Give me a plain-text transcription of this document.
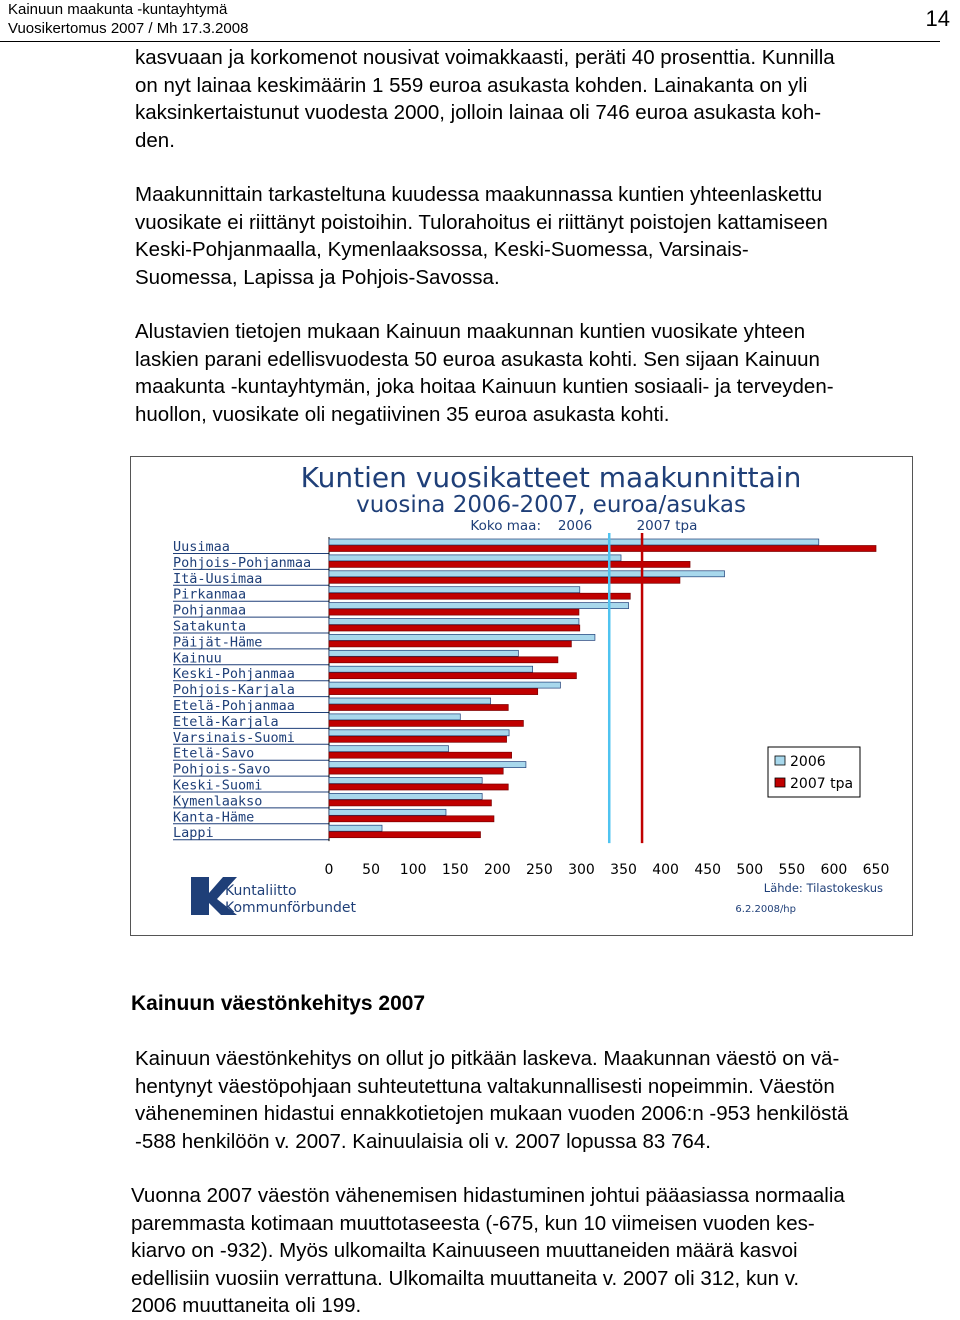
Kainuun maakunta -kuntayhtymä
Vuosikertomus 2007 / Mh 17.3.2008	14
kasvuaan ja korkomenot nousivat voimakkaasti, peräti 40 prosenttia. Kunnilla
on nyt lainaa keskimäärin 1 559 euroa asukasta kohden. Lainakanta on yli
kaksinkertaistunut vuodesta 2000, jolloin lainaa oli 746 euroa asukasta koh-
den.
Maakunnittain tarkasteltuna kuudessa maakunnassa kuntien yhteenlaskettu
vuosikate ei riittänyt poistoihin. Tulorahoitus ei riittänyt poistojen kattamiseen
Keski-Pohjanmaalla, Kymenlaaksossa, Keski-Suomessa, Varsinais-
Suomessa, Lapissa ja Pohjois-Savossa.
Alustavien tietojen mukaan Kainuun maakunnan kuntien vuosikate yhteen
laskien parani edellisvuodesta 50 euroa asukasta kohti. Sen sijaan Kainuun
maakunta -kuntayhtymän, joka hoitaa Kainuun kuntien sosiaali- ja terveyden-
huollon, vuosikate oli negatiivinen 35 euroa asukasta kohti.
Kuntien vuosikatteet maakunnittain
vuosina 2006-2007, euroa/asukas
Koko maa: 2006	2007 tpa
Uusimaa
Pohjois-Pohjanmaa
Itä-Uusimaa
Pirkanmaa
Pohjanmaa
Satakunta
Päijät-Häme
Kainuu
Keski-Pohjanmaa
Pohjois-Karjala
Etelä-Pohjanmaa
Etelä-Karjala
Varsinais-Suomi
Etelä-Savo
Pohjois-Savo
Keski-Suomi
Kymenlaakso
Kanta-Häme
Lappi
0 50 100 150 200 250 300 350 400 450 500 550 600 650
2006
2007 tpa
Lähde: Tilastokeskus
6.2.2008/hp
Kuntaliitto
Kommunförbundet
Kainuun väestönkehitys 2007
Kainuun väestönkehitys on ollut jo pitkään laskeva. Maakunnan väestö on vä-
hentynyt väestöpohjaan suhteutettuna valtakunnallisesti nopeimmin. Väestön
väheneminen hidastui ennakkotietojen mukaan vuoden 2006:n -953 henkilöstä
-588 henkilöön v. 2007. Kainuulaisia oli v. 2007 lopussa 83 764.
Vuonna 2007 väestön vähenemisen hidastuminen johtui pääasiassa normaalia
paremmasta kotimaan muuttotaseesta (-675, kun 10 viimeisen vuoden kes-
kiarvo on -932). Myös ulkomailta Kainuuseen muuttaneiden määrä kasvoi
edellisiin vuosiin verrattuna. Ulkomailta muuttaneita v. 2007 oli 312, kun v.
2006 muuttaneita oli 199.
